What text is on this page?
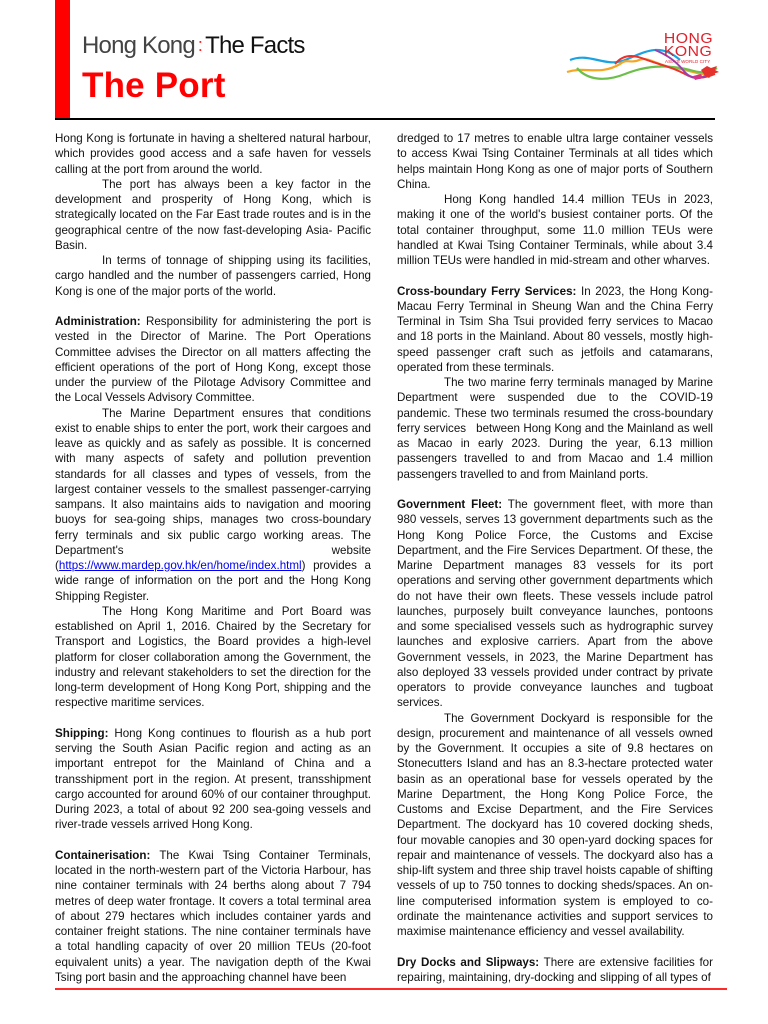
Hong Kong : The Facts
The Port
HONG
KONG
ASIA'S WORLD CITY

Hong Kong is fortunate in having a sheltered natural harbour, which provides good access and a safe haven for vessels calling at the port from around the world.

The port has always been a key factor in the development and prosperity of Hong Kong, which is strategically located on the Far East trade routes and is in the geographical centre of the now fast-developing Asia- Pacific Basin.

In terms of tonnage of shipping using its facilities, cargo handled and the number of passengers carried, Hong Kong is one of the major ports of the world.

Administration: Responsibility for administering the port is vested in the Director of Marine. The Port Operations Committee advises the Director on all matters affecting the efficient operations of the port of Hong Kong, except those under the purview of the Pilotage Advisory Committee and the Local Vessels Advisory Committee.

The Marine Department ensures that conditions exist to enable ships to enter the port, work their cargoes and leave as quickly and as safely as possible. It is concerned with many aspects of safety and pollution prevention standards for all classes and types of vessels, from the largest container vessels to the smallest passenger-carrying sampans. It also maintains aids to navigation and mooring buoys for sea-going ships, manages two cross-boundary ferry terminals and six public cargo working areas. The Department's website (https://www.mardep.gov.hk/en/home/index.html) provides a wide range of information on the port and the Hong Kong Shipping Register.

The Hong Kong Maritime and Port Board was established on April 1, 2016. Chaired by the Secretary for Transport and Logistics, the Board provides a high-level platform for closer collaboration among the Government, the industry and relevant stakeholders to set the direction for the long-term development of Hong Kong Port, shipping and the respective maritime services.

Shipping: Hong Kong continues to flourish as a hub port serving the South Asian Pacific region and acting as an important entrepot for the Mainland of China and a transshipment port in the region. At present, transshipment cargo accounted for around 60% of our container throughput. During 2023, a total of about 92 200 sea-going vessels and river-trade vessels arrived Hong Kong.

Containerisation: The Kwai Tsing Container Terminals, located in the north-western part of the Victoria Harbour, has nine container terminals with 24 berths along about 7 794 metres of deep water frontage. It covers a total terminal area of about 279 hectares which includes container yards and container freight stations. The nine container terminals have a total handling capacity of over 20 million TEUs (20-foot equivalent units) a year. The navigation depth of the Kwai Tsing port basin and the approaching channel have been

dredged to 17 metres to enable ultra large container vessels to access Kwai Tsing Container Terminals at all tides which helps maintain Hong Kong as one of major ports of Southern China.

Hong Kong handled 14.4 million TEUs in 2023, making it one of the world's busiest container ports. Of the total container throughput, some 11.0 million TEUs were handled at Kwai Tsing Container Terminals, while about 3.4 million TEUs were handled in mid-stream and other wharves.

Cross-boundary Ferry Services: In 2023, the Hong Kong-Macau Ferry Terminal in Sheung Wan and the China Ferry Terminal in Tsim Sha Tsui provided ferry services to Macao and 18 ports in the Mainland. About 80 vessels, mostly high-speed passenger craft such as jetfoils and catamarans, operated from these terminals.

The two marine ferry terminals managed by Marine Department were suspended due to the COVID-19 pandemic. These two terminals resumed the cross-boundary ferry services   between Hong Kong and the Mainland as well as Macao in early 2023. During the year, 6.13 million passengers travelled to and from Macao and 1.4 million passengers travelled to and from Mainland ports.

Government Fleet: The government fleet, with more than 980 vessels, serves 13 government departments such as the Hong Kong Police Force, the Customs and Excise Department, and the Fire Services Department. Of these, the Marine Department manages 83 vessels for its port operations and serving other government departments which do not have their own fleets. These vessels include patrol launches, purposely built conveyance launches, pontoons and some specialised vessels such as hydrographic survey launches and explosive carriers. Apart from the above Government vessels, in 2023, the Marine Department has also deployed 33 vessels provided under contract by private operators to provide conveyance launches and tugboat services.

The Government Dockyard is responsible for the design, procurement and maintenance of all vessels owned by the Government. It occupies a site of 9.8 hectares on Stonecutters Island and has an 8.3-hectare protected water basin as an operational base for vessels operated by the Marine Department, the Hong Kong Police Force, the Customs and Excise Department, and the Fire Services Department. The dockyard has 10 covered docking sheds, four movable canopies and 30 open-yard docking spaces for repair and maintenance of vessels. The dockyard also has a ship-lift system and three ship travel hoists capable of shifting vessels of up to 750 tonnes to docking sheds/spaces. An on-line computerised information system is employed to co-ordinate the maintenance activities and support services to maximise maintenance efficiency and vessel availability.

Dry Docks and Slipways: There are extensive facilities for repairing, maintaining, dry-docking and slipping of all types of
